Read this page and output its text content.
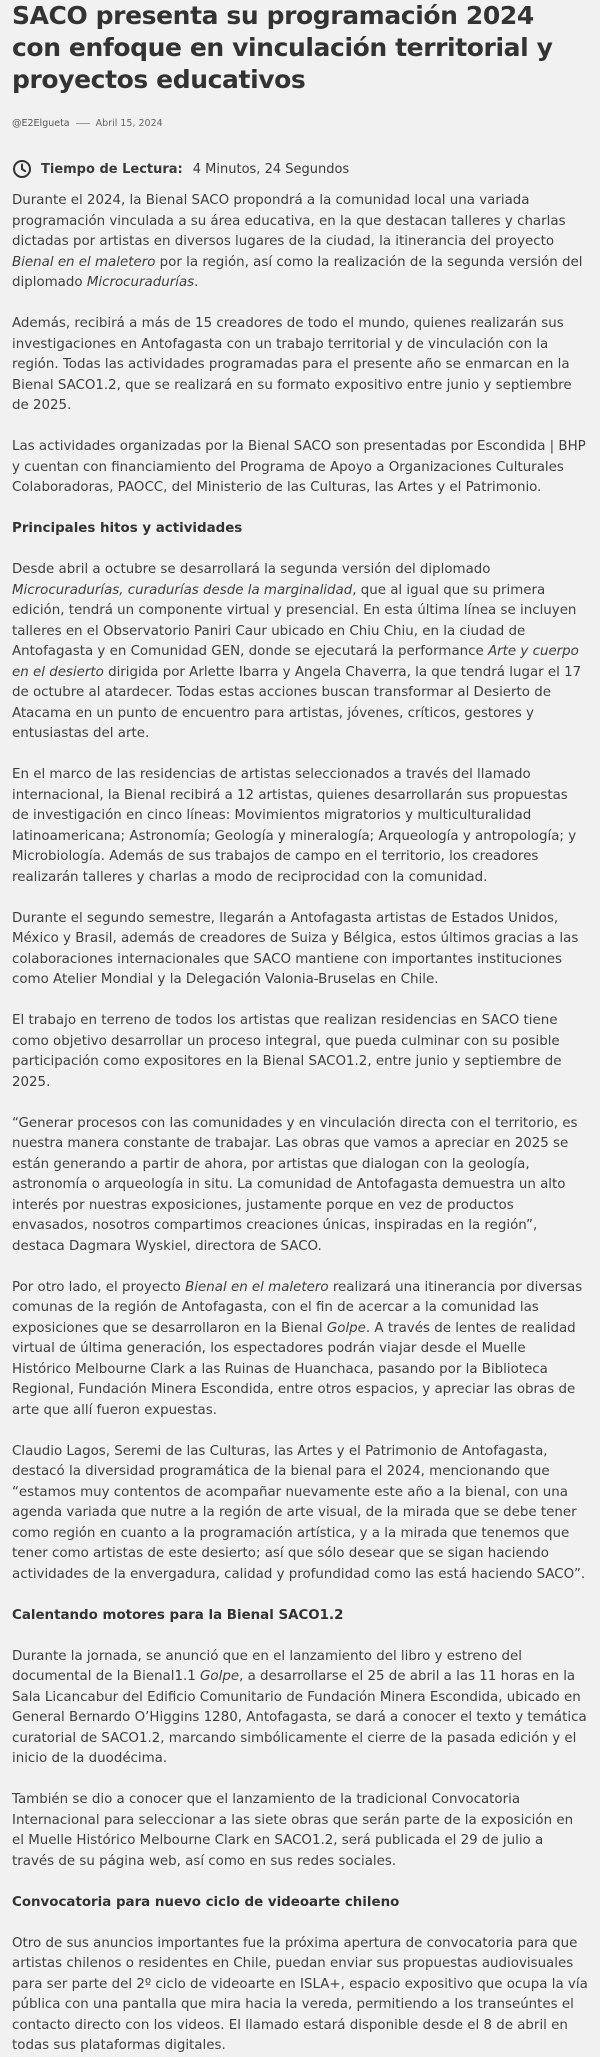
SACO presenta su programación 2024 con enfoque en vinculación territorial y proyectos educativos
@E2Elgueta	Abril 15, 2024
Tiempo de Lectura: 4 Minutos, 24 Segundos

Durante el 2024, la Bienal SACO propondrá a la comunidad local una variada programación vinculada a su área educativa, en la que destacan talleres y charlas dictadas por artistas en diversos lugares de la ciudad, la itinerancia del proyecto Bienal en el maletero por la región, así como la realización de la segunda versión del diplomado Microcuradurías.

Además, recibirá a más de 15 creadores de todo el mundo, quienes realizarán sus investigaciones en Antofagasta con un trabajo territorial y de vinculación con la región. Todas las actividades programadas para el presente año se enmarcan en la Bienal SACO1.2, que se realizará en su formato expositivo entre junio y septiembre de 2025.

Las actividades organizadas por la Bienal SACO son presentadas por Escondida | BHP y cuentan con financiamiento del Programa de Apoyo a Organizaciones Culturales Colaboradoras, PAOCC, del Ministerio de las Culturas, las Artes y el Patrimonio.

Principales hitos y actividades

Desde abril a octubre se desarrollará la segunda versión del diplomado Microcuradurías, curadurías desde la marginalidad, que al igual que su primera edición, tendrá un componente virtual y presencial. En esta última línea se incluyen talleres en el Observatorio Paniri Caur ubicado en Chiu Chiu, en la ciudad de Antofagasta y en Comunidad GEN, donde se ejecutará la performance Arte y cuerpo en el desierto dirigida por Arlette Ibarra y Angela Chaverra, la que tendrá lugar el 17 de octubre al atardecer. Todas estas acciones buscan transformar al Desierto de Atacama en un punto de encuentro para artistas, jóvenes, críticos, gestores y entusiastas del arte.

En el marco de las residencias de artistas seleccionados a través del llamado internacional, la Bienal recibirá a 12 artistas, quienes desarrollarán sus propuestas de investigación en cinco líneas: Movimientos migratorios y multiculturalidad latinoamericana; Astronomía; Geología y mineralogía; Arqueología y antropología; y Microbiología. Además de sus trabajos de campo en el territorio, los creadores realizarán talleres y charlas a modo de reciprocidad con la comunidad.

Durante el segundo semestre, llegarán a Antofagasta artistas de Estados Unidos, México y Brasil, además de creadores de Suiza y Bélgica, estos últimos gracias a las colaboraciones internacionales que SACO mantiene con importantes instituciones como Atelier Mondial y la Delegación Valonia-Bruselas en Chile.

El trabajo en terreno de todos los artistas que realizan residencias en SACO tiene como objetivo desarrollar un proceso integral, que pueda culminar con su posible participación como expositores en la Bienal SACO1.2, entre junio y septiembre de 2025.

“Generar procesos con las comunidades y en vinculación directa con el territorio, es nuestra manera constante de trabajar. Las obras que vamos a apreciar en 2025 se están generando a partir de ahora, por artistas que dialogan con la geología, astronomía o arqueología in situ. La comunidad de Antofagasta demuestra un alto interés por nuestras exposiciones, justamente porque en vez de productos envasados, nosotros compartimos creaciones únicas, inspiradas en la región”, destaca Dagmara Wyskiel, directora de SACO.

Por otro lado, el proyecto Bienal en el maletero realizará una itinerancia por diversas comunas de la región de Antofagasta, con el fin de acercar a la comunidad las exposiciones que se desarrollaron en la Bienal Golpe. A través de lentes de realidad virtual de última generación, los espectadores podrán viajar desde el Muelle Histórico Melbourne Clark a las Ruinas de Huanchaca, pasando por la Biblioteca Regional, Fundación Minera Escondida, entre otros espacios, y apreciar las obras de arte que allí fueron expuestas.

Claudio Lagos, Seremi de las Culturas, las Artes y el Patrimonio de Antofagasta, destacó la diversidad programática de la bienal para el 2024, mencionando que “estamos muy contentos de acompañar nuevamente este año a la bienal, con una agenda variada que nutre a la región de arte visual, de la mirada que se debe tener como región en cuanto a la programación artística, y a la mirada que tenemos que tener como artistas de este desierto; así que sólo desear que se sigan haciendo actividades de la envergadura, calidad y profundidad como las está haciendo SACO”.

Calentando motores para la Bienal SACO1.2

Durante la jornada, se anunció que en el lanzamiento del libro y estreno del documental de la Bienal1.1 Golpe, a desarrollarse el 25 de abril a las 11 horas en la Sala Licancabur del Edificio Comunitario de Fundación Minera Escondida, ubicado en General Bernardo O’Higgins 1280, Antofagasta, se dará a conocer el texto y temática curatorial de SACO1.2, marcando simbólicamente el cierre de la pasada edición y el inicio de la duodécima.

También se dio a conocer que el lanzamiento de la tradicional Convocatoria Internacional para seleccionar a las siete obras que serán parte de la exposición en el Muelle Histórico Melbourne Clark en SACO1.2, será publicada el 29 de julio a través de su página web, así como en sus redes sociales.

Convocatoria para nuevo ciclo de videoarte chileno

Otro de sus anuncios importantes fue la próxima apertura de convocatoria para que artistas chilenos o residentes en Chile, puedan enviar sus propuestas audiovisuales para ser parte del 2º ciclo de videoarte en ISLA+, espacio expositivo que ocupa la vía pública con una pantalla que mira hacia la vereda, permitiendo a los transeúntes el contacto directo con los videos. El llamado estará disponible desde el 8 de abril en todas sus plataformas digitales.
